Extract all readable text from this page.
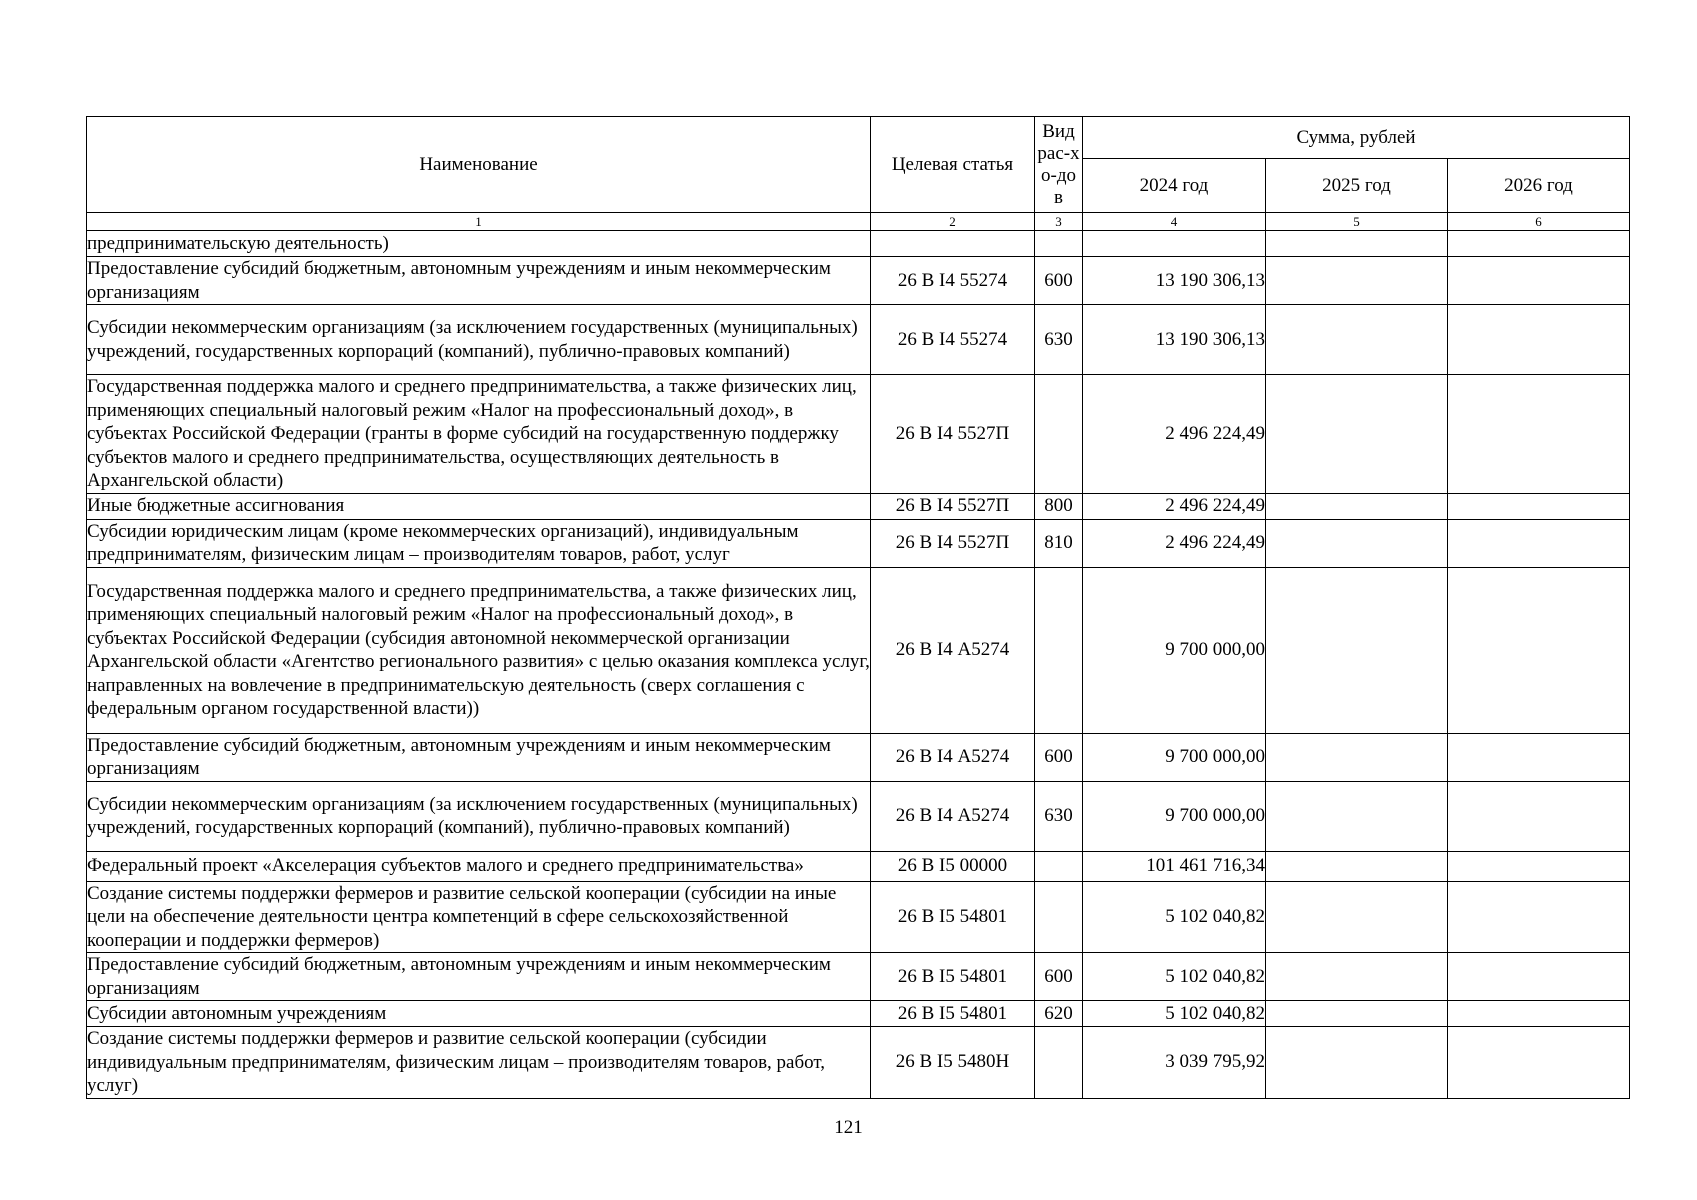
Наименование	Целевая статья	Вид рас-хо-дов	Сумма, рублей		
			2024 год	2025 год	2026 год
1	2	3	4	5	6
предпринимательскую деятельность)					
Предоставление субсидий бюджетным, автономным учреждениям и иным некоммерческим организациям	26 В I4 55274	600	13 190 306,13		
Субсидии некоммерческим организациям (за исключением государственных (муниципальных) учреждений, государственных корпораций (компаний), публично-правовых компаний)	26 В I4 55274	630	13 190 306,13		
Государственная поддержка малого и среднего предпринимательства, а также физических лиц, применяющих специальный налоговый режим «Налог на профессиональный доход», в субъектах Российской Федерации (гранты в форме субсидий на государственную поддержку субъектов малого и среднего предпринимательства, осуществляющих деятельность в Архангельской области)	26 В I4 5527П		2 496 224,49		
Иные бюджетные ассигнования	26 В I4 5527П	800	2 496 224,49		
Субсидии юридическим лицам (кроме некоммерческих организаций), индивидуальным предпринимателям, физическим лицам – производителям товаров, работ, услуг	26 В I4 5527П	810	2 496 224,49		
Государственная поддержка малого и среднего предпринимательства, а также физических лиц, применяющих специальный налоговый режим «Налог на профессиональный доход», в субъектах Российской Федерации (субсидия автономной некоммерческой организации Архангельской области «Агентство регионального развития» с целью оказания комплекса услуг, направленных на вовлечение в предпринимательскую деятельность (сверх соглашения с федеральным органом государственной власти))	26 В I4 А5274		9 700 000,00		
Предоставление субсидий бюджетным, автономным учреждениям и иным некоммерческим организациям	26 В I4 А5274	600	9 700 000,00		
Субсидии некоммерческим организациям (за исключением государственных (муниципальных) учреждений, государственных корпораций (компаний), публично-правовых компаний)	26 В I4 А5274	630	9 700 000,00		
Федеральный проект «Акселерация субъектов малого и среднего предпринимательства»	26 В I5 00000		101 461 716,34		
Создание системы поддержки фермеров и развитие сельской кооперации (субсидии на иные цели на обеспечение деятельности центра компетенций в сфере сельскохозяйственной кооперации и поддержки фермеров)	26 В I5 54801		5 102 040,82		
Предоставление субсидий бюджетным, автономным учреждениям и иным некоммерческим организациям	26 В I5 54801	600	5 102 040,82		
Субсидии автономным учреждениям	26 В I5 54801	620	5 102 040,82		
Создание системы поддержки фермеров и развитие сельской кооперации (субсидии индивидуальным предпринимателям, физическим лицам – производителям товаров, работ, услуг)	26 В I5 5480Н		3 039 795,92		
121
